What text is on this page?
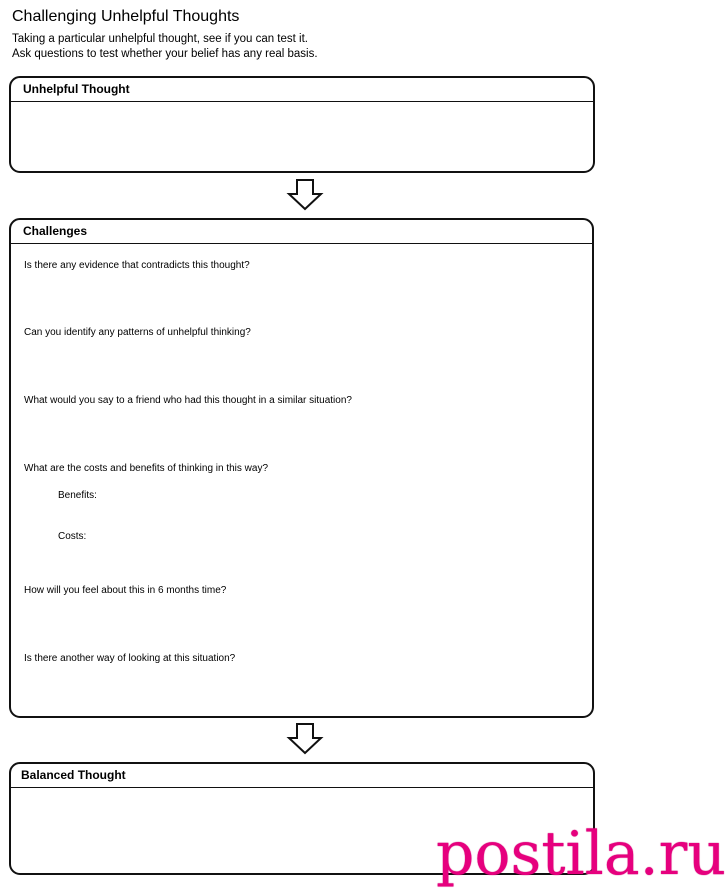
Challenging Unhelpful Thoughts
Taking a particular unhelpful thought, see if you can test it.
Ask questions to test whether your belief has any real basis.
Unhelpful Thought
Challenges
Is there any evidence that contradicts this thought?
Can you identify any patterns of unhelpful thinking?
What would you say to a friend who had this thought in a similar situation?
What are the costs and benefits of thinking in this way?
Benefits:
Costs:
How will you feel about this in 6 months time?
Is there another way of looking at this situation?
Balanced Thought
postila.ru
